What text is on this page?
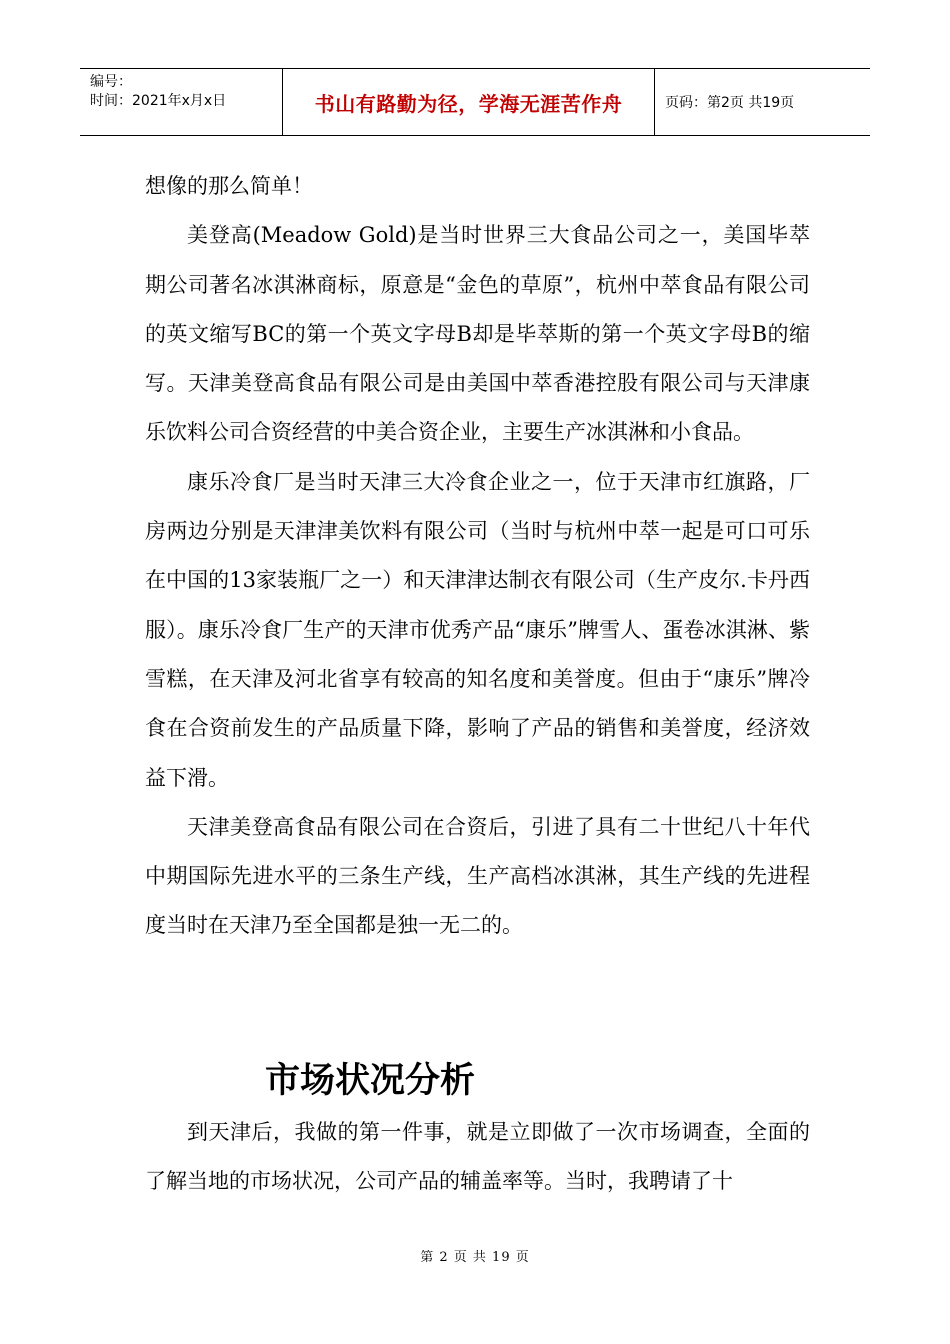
编号：
时间：2021年x月x日	书山有路勤为径，学海无涯苦作舟	页码：第2页 共19页

想像的那么简单！

美登高(Meadow Gold)是当时世界三大食品公司之一，美国毕萃期公司著名冰淇淋商标，原意是“金色的草原”，杭州中萃食品有限公司的英文缩写BC的第一个英文字母B却是毕萃斯的第一个英文字母B的缩写。天津美登高食品有限公司是由美国中萃香港控股有限公司与天津康乐饮料公司合资经营的中美合资企业，主要生产冰淇淋和小食品。

康乐冷食厂是当时天津三大冷食企业之一，位于天津市红旗路，厂房两边分别是天津津美饮料有限公司（当时与杭州中萃一起是可口可乐在中国的13家装瓶厂之一）和天津津达制衣有限公司（生产皮尔.卡丹西服）。康乐冷食厂生产的天津市优秀产品“康乐”牌雪人、蛋卷冰淇淋、紫雪糕，在天津及河北省享有较高的知名度和美誉度。但由于“康乐”牌冷食在合资前发生的产品质量下降，影响了产品的销售和美誉度，经济效益下滑。

天津美登高食品有限公司在合资后，引进了具有二十世纪八十年代中期国际先进水平的三条生产线，生产高档冰淇淋，其生产线的先进程度当时在天津乃至全国都是独一无二的。

市场状况分析

到天津后，我做的第一件事，就是立即做了一次市场调查，全面的了解当地的市场状况，公司产品的辅盖率等。当时，我聘请了十

第 2 页 共 19 页
